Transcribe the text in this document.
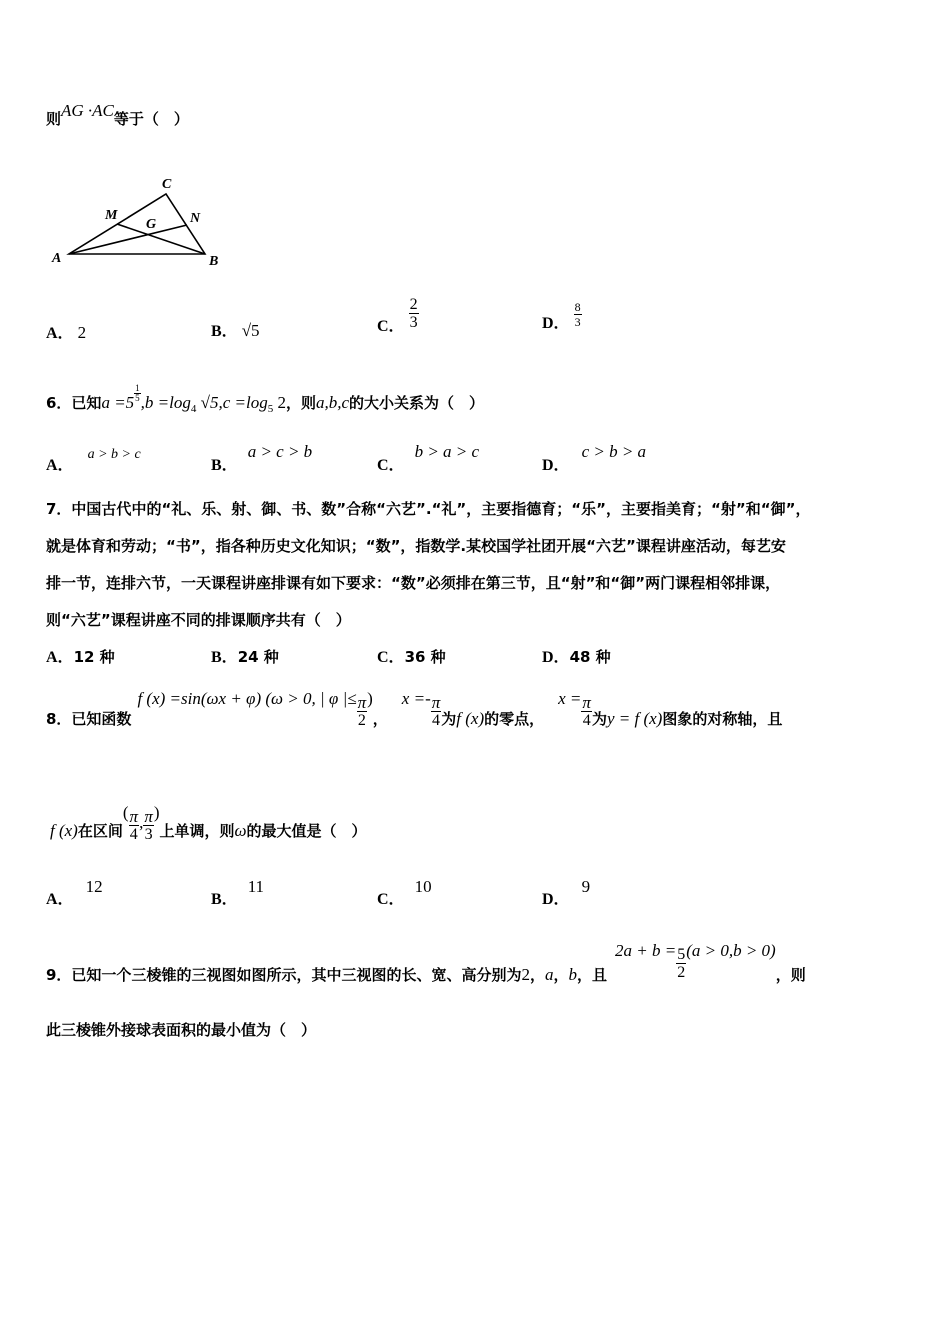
则AG ·AC等于（　）
A	B
C
M	N
G
A． 2	B． √5	C． $\frac{2}{3}$	D． $\frac{8}{3}$
6．已知$a =5 \frac{1}{5} ,b =\log_4$ $√5,c =\log_5$ 2，则a,b,c的大小关系为（　）
A．a > b > c
B．a > c > b
C．b > a > c
D．c > b > a
7．中国古代中的“礼、乐、射、御、书、数”合称“六艺”.“礼”，主要指德育；“乐”，主要指美育；“射”和“御”，
就是体育和劳动；“书”，指各种历史文化知识；“数”，指数学.某校国学社团开展“六艺”课程讲座活动，每艺安
排一节，连排六节，一天课程讲座排课有如下要求：“数”必须排在第三节，且“射”和“御”两门课程相邻排课，
则“六艺”课程讲座不同的排课顺序共有（　）
A．12 种	B．24 种	C．36 种	D．48 种
8．已知函数f (x) =sin(ωx + φ) (ω > 0, | φ |≤ $\frac{\pi}{2}$ )，$x =- \frac{\pi}{4}$ 为f (x)的零点，$x = \frac{\pi}{4}$ 为y = f (x)图象的对称轴，且
f (x)在区间( $\frac{\pi}{4}$ , $\frac{\pi}{3}$ )上单调，则ω的最大值是（　）
A．12
B．11
C．10
D．9
9．已知一个三棱锥的三视图如图所示，其中三视图的长、宽、高分别为2，a，b，且$2a + b = \frac{5}{2} (a > 0,b > 0)$，则
此三棱锥外接球表面积的最小值为（　）
